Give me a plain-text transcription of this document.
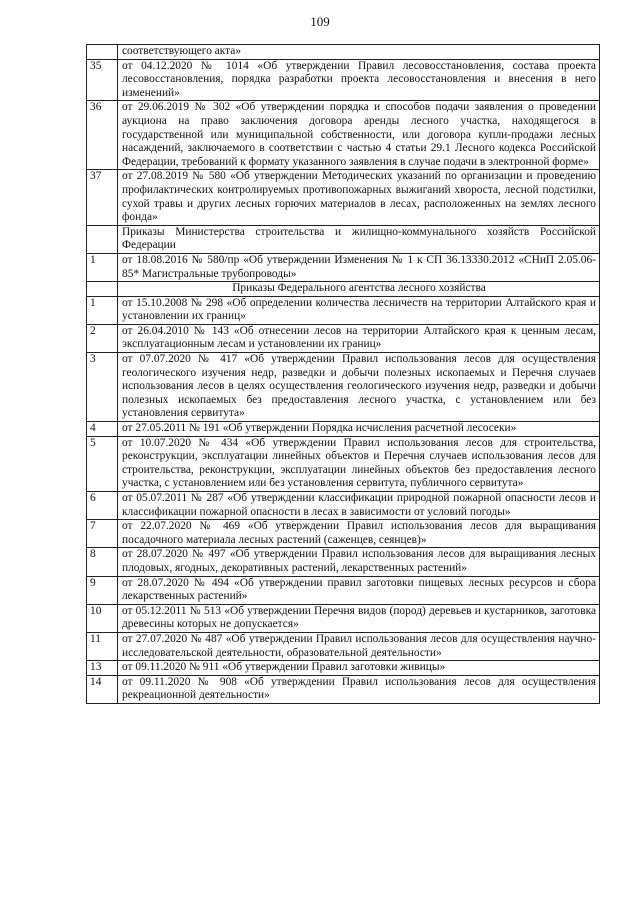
109
	соответствующего акта»
35	от 04.12.2020 № 1014 «Об утверждении Правил лесовосстановления, состава проекта лесовосстановления, порядка разработки проекта лесовосстановления и внесения в него изменений»
36	от 29.06.2019 № 302 «Об утверждении порядка и способов подачи заявления о проведении аукциона на право заключения договора аренды лесного участка, находящегося в государственной или муниципальной собственности, или договора купли-продажи лесных насаждений, заключаемого в соответствии с частью 4 статьи 29.1 Лесного кодекса Российской Федерации, требований к формату указанного заявления в случае подачи в электронной форме»
37	от 27.08.2019 № 580 «Об утверждении Методических указаний по организации и проведению профилактических контролируемых противопожарных выжиганий хвороста, лесной подстилки, сухой травы и других лесных горючих материалов в лесах, расположенных на землях лесного фонда»
	Приказы Министерства строительства и жилищно-коммунального хозяйств Российской Федерации
1	от 18.08.2016 № 580/пр «Об утверждении Изменения № 1 к СП 36.13330.2012 «СНиП 2.05.06-85* Магистральные трубопроводы»
	Приказы Федерального агентства лесного хозяйства
1	от 15.10.2008 № 298 «Об определении количества лесничеств на территории Алтайского края и установлении их границ»
2	от 26.04.2010 № 143 «Об отнесении лесов на территории Алтайского края к ценным лесам, эксплуатационным лесам и установлении их границ»
3	от 07.07.2020 № 417 «Об утверждении Правил использования лесов для осуществления геологического изучения недр, разведки и добычи полезных ископаемых и Перечня случаев использования лесов в целях осуществления геологического изучения недр, разведки и добычи полезных ископаемых без предоставления лесного участка, с установлением или без установления сервитута»
4	от 27.05.2011 № 191 «Об утверждении Порядка исчисления расчетной лесосеки»
5	от 10.07.2020 № 434 «Об утверждении Правил использования лесов для строительства, реконструкции, эксплуатации линейных объектов и Перечня случаев использования лесов для строительства, реконструкции, эксплуатации линейных объектов без предоставления лесного участка, с установлением или без установления сервитута, публичного сервитута»
6	от 05.07.2011 № 287 «Об утверждении классификации природной пожарной опасности лесов и классификации пожарной опасности в лесах в зависимости от условий погоды»
7	от 22.07.2020 № 469 «Об утверждении Правил использования лесов для выращивания посадочного материала лесных растений (саженцев, сеянцев)»
8	от 28.07.2020 № 497 «Об утверждении Правил использования лесов для выращивания лесных плодовых, ягодных, декоративных растений, лекарственных растений»
9	от 28.07.2020 № 494 «Об утверждении правил заготовки пищевых лесных ресурсов и сбора лекарственных растений»
10	от 05.12.2011 № 513 «Об утверждении Перечня видов (пород) деревьев и кустарников, заготовка древесины которых не допускается»
11	от 27.07.2020 № 487 «Об утверждении Правил использования лесов для осуществления научно-исследовательской деятельности, образовательной деятельности»
13	от 09.11.2020 № 911 «Об утверждении Правил заготовки живицы»
14	от 09.11.2020 № 908 «Об утверждении Правил использования лесов для осуществления рекреационной деятельности»
